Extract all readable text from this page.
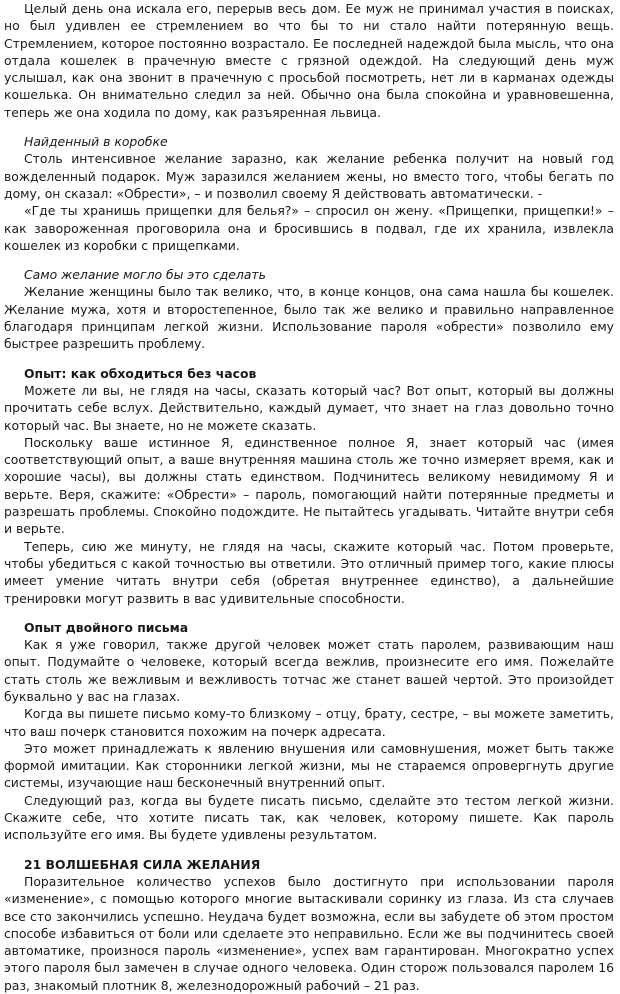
Целый день она искала его, перерыв весь дом. Ее муж не принимал участия в поисках, но был удивлен ее стремлением во что бы то ни стало найти потерянную вещь. Стремлением, которое постоянно возрастало. Ее последней надеждой была мысль, что она отдала кошелек в прачечную вместе с грязной одеждой. На следующий день муж услышал, как она звонит в прачечную с просьбой посмотреть, нет ли в карманах одежды кошелька. Он внимательно следил за ней. Обычно она была спокойна и уравновешенна, теперь же она ходила по дому, как разъяренная львица.

Найденный в коробке

Столь интенсивное желание заразно, как желание ребенка получит на новый год вожделенный подарок. Муж заразился желанием жены, но вместо того, чтобы бегать по дому, он сказал: «Обрести», – и позволил своему Я действовать автоматически. -

«Где ты хранишь прищепки для белья?» – спросил он жену. «Прищепки, прищепки!» – как завороженная проговорила она и бросившись в подвал, где их хранила, извлекла кошелек из коробки с прищепками.

Само желание могло бы это сделать

Желание женщины было так велико, что, в конце концов, она сама нашла бы кошелек. Желание мужа, хотя и второстепенное, было так же велико и правильно направленное благодаря принципам легкой жизни. Использование пароля «обрести» позволило ему быстрее разрешить проблему.

Опыт: как обходиться без часов

Можете ли вы, не глядя на часы, сказать который час? Вот опыт, который вы должны прочитать себе вслух. Действительно, каждый думает, что знает на глаз довольно точно который час. Вы знаете, но не можете сказать.

Поскольку ваше истинное Я, единственное полное Я, знает который час (имея соответствующий опыт, а ваше внутренняя машина столь же точно измеряет время, как и хорошие часы), вы должны стать единством. Подчинитесь великому невидимому Я и верьте. Веря, скажите: «Обрести» – пароль, помогающий найти потерянные предметы и разрешать проблемы. Спокойно подождите. Не пытайтесь угадывать. Читайте внутри себя и верьте.

Теперь, сию же минуту, не глядя на часы, скажите который час. Потом проверьте, чтобы убедиться с какой точностью вы ответили. Это отличный пример того, какие плюсы имеет умение читать внутри себя (обретая внутреннее единство), а дальнейшие тренировки могут развить в вас удивительные способности.

Опыт двойного письма

Как я уже говорил, также другой человек может стать паролем, развивающим наш опыт. Подумайте о человеке, который всегда вежлив, произнесите его имя. Пожелайте стать столь же вежливым и вежливость тотчас же станет вашей чертой. Это произойдет буквально у вас на глазах.

Когда вы пишете письмо кому-то близкому – отцу, брату, сестре, – вы можете заметить, что ваш почерк становится похожим на почерк адресата.

Это может принадлежать к явлению внушения или самовнушения, может быть также формой имитации. Как сторонники легкой жизни, мы не стараемся опровергнуть другие системы, изучающие наш бесконечный внутренний опыт.

Следующий раз, когда вы будете писать письмо, сделайте это тестом легкой жизни. Скажите себе, что хотите писать так, как человек, которому пишете. Как пароль используйте его имя. Вы будете удивлены результатом.

21 ВОЛШЕБНАЯ СИЛА ЖЕЛАНИЯ

Поразительное количество успехов было достигнуто при использовании пароля «изменение», с помощью которого многие вытаскивали соринку из глаза. Из ста случаев все сто закончились успешно. Неудача будет возможна, если вы забудете об этом простом способе избавиться от боли или сделаете это неправильно. Если же вы подчинитесь своей автоматике, произнося пароль «изменение», успех вам гарантирован. Многократно успех этого пароля был замечен в случае одного человека. Один сторож пользовался паролем 16 раз, знакомый плотник 8, железнодорожный рабочий – 21 раз.
